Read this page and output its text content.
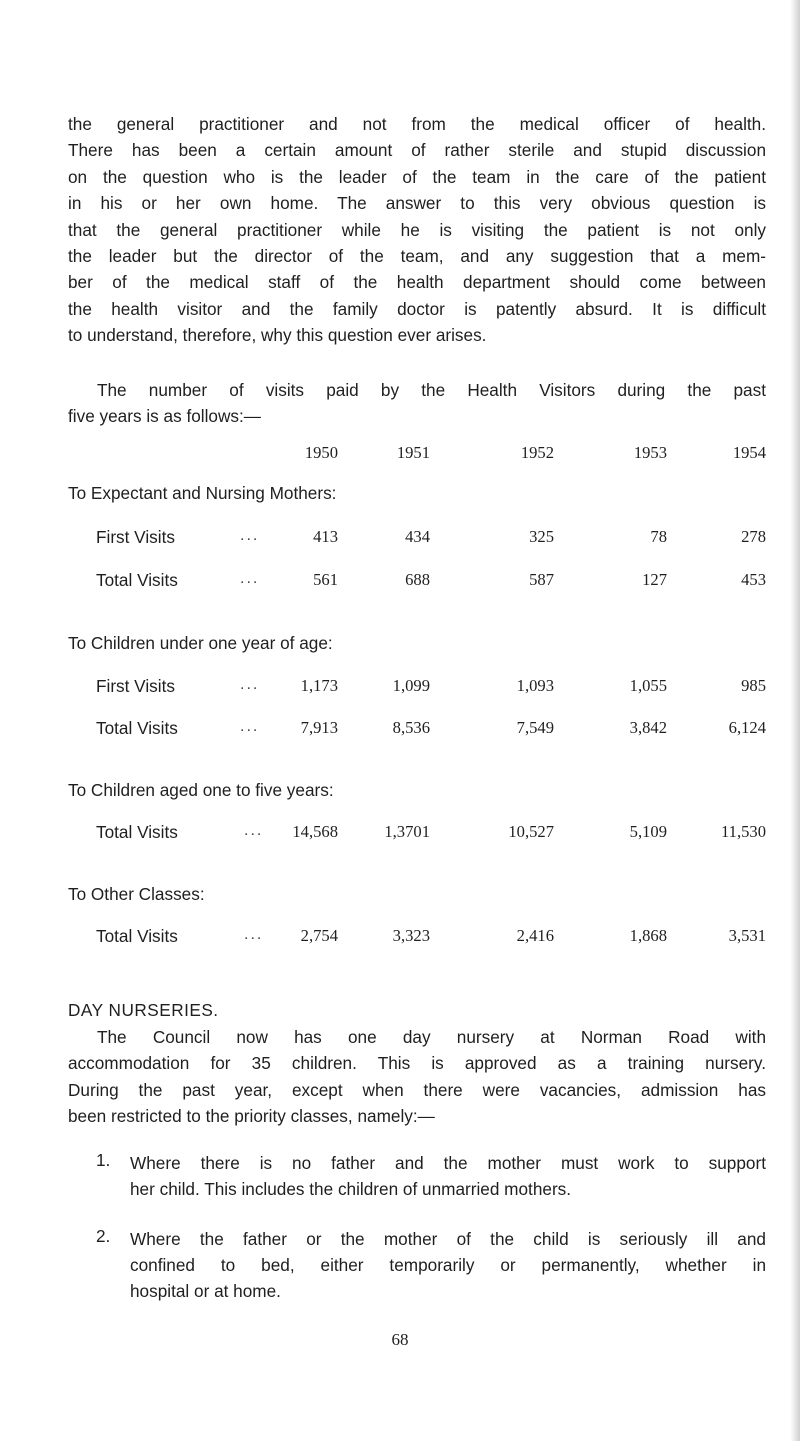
the general practitioner and not from the medical officer of health.
There has been a certain amount of rather sterile and stupid discussion
on the question who is the leader of the team in the care of the patient
in his or her own home. The answer to this very obvious question is
that the general practitioner while he is visiting the patient is not only
the leader but the director of the team, and any suggestion that a mem-
ber of the medical staff of the health department should come between
the health visitor and the family doctor is patently absurd. It is difficult
to understand, therefore, why this question ever arises.
The number of visits paid by the Health Visitors during the past
five years is as follows:—
1950	1951	1952	1953	1954
To Expectant and Nursing Mothers:
First Visits	...	413	434	325	78	278
Total Visits	...	561	688	587	127	453
To Children under one year of age:
First Visits	...	1,173	1,099	1,093	1,055	985
Total Visits	...	7,913	8,536	7,549	3,842	6,124
To Children aged one to five years:
Total Visits	...	14,568	1,3701	10,527	5,109	11,530
To Other Classes:
Total Visits	...	2,754	3,323	2,416	1,868	3,531
DAY NURSERIES.
The Council now has one day nursery at Norman Road with
accommodation for 35 children. This is approved as a training nursery.
During the past year, except when there were vacancies, admission has
been restricted to the priority classes, namely:—
1. Where there is no father and the mother must work to support
her child. This includes the children of unmarried mothers.
2. Where the father or the mother of the child is seriously ill and
confined to bed, either temporarily or permanently, whether in
hospital or at home.
68
